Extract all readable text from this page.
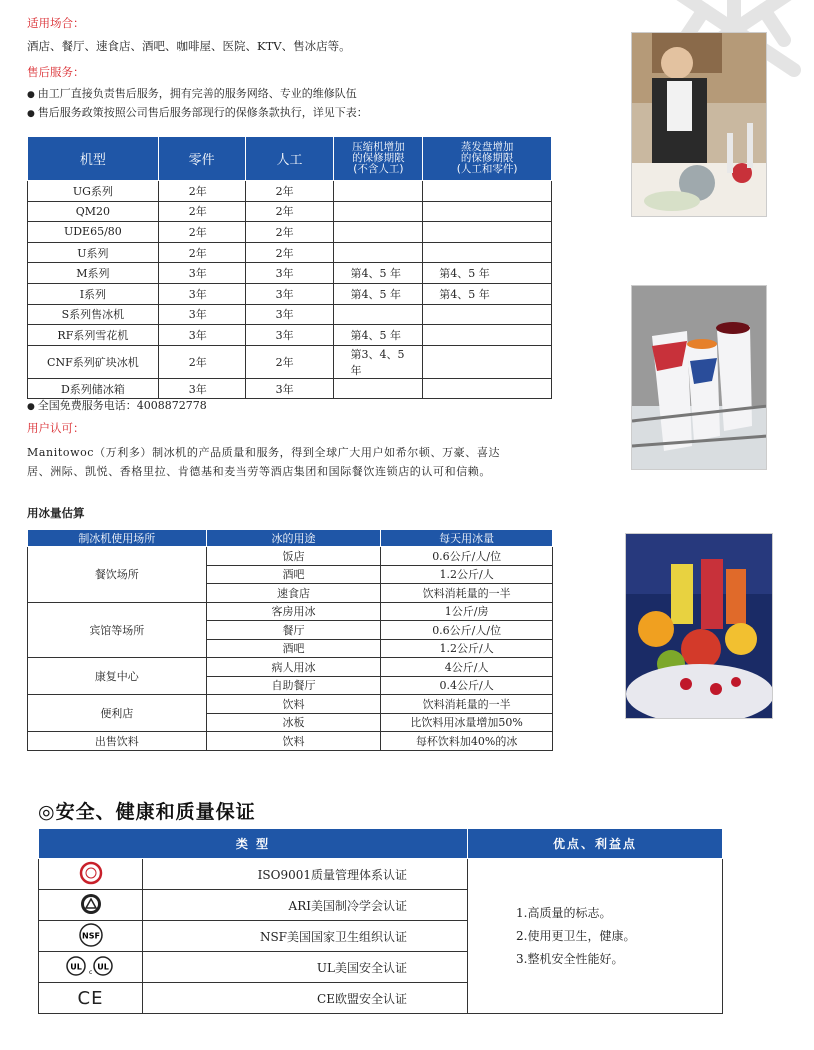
适用场合：
酒店、餐厅、速食店、酒吧、咖啡屋、医院、KTV、售冰店等。
售后服务：
● 由工厂直接负责售后服务，拥有完善的服务网络、专业的维修队伍
● 售后服务政策按照公司售后服务部现行的保修条款执行，详见下表：
机型	零件	人工	压缩机增加
的保修期限
(不含人工)	蒸发盘增加
的保修期限
(人工和零件)
UG系列	2年	2年		
QM20	2年	2年		
UDE65/80	2年	2年		
U系列	2年	2年		
M系列	3年	3年	第4、5 年	第4、5 年
I系列	3年	3年	第4、5 年	第4、5 年
S系列售冰机	3年	3年		
RF系列雪花机	3年	3年	第4、5 年	
CNF系列矿块冰机	2年	2年	第3、4、5 年	
D系列储冰箱	3年	3年		
● 全国免费服务电话：4008872778
用户认可：
Manitowoc（万利多）制冰机的产品质量和服务，得到全球广大用户如希尔顿、万豪、喜达
居、洲际、凯悦、香格里拉、肯德基和麦当劳等酒店集团和国际餐饮连锁店的认可和信赖。
用冰量估算
制冰机使用场所	冰的用途	每天用冰量
餐饮场所	饭店	0.6公斤/人/位
	酒吧	1.2公斤/人
	速食店	饮料消耗量的一半
宾馆等场所	客房用冰	1公斤/房
	餐厅	0.6公斤/人/位
	酒吧	1.2公斤/人
康复中心	病人用冰	4公斤/人
	自助餐厅	0.4公斤/人
便利店	饮料	饮料消耗量的一半
	冰板	比饮料用冰量增加50%
出售饮料	饮料	每杯饮料加40%的冰
◎安全、健康和质量保证
类 型		优点、利益点
	ISO9001质量管理体系认证	1.高质量的标志。
2.使用更卫生，健康。
3.整机安全性能好。

	ARI美国制冷学会认证	

NSF	NSF美国国家卫生组织认证	

UL
c
UL	UL美国安全认证	
CE	CE欧盟安全认证	
